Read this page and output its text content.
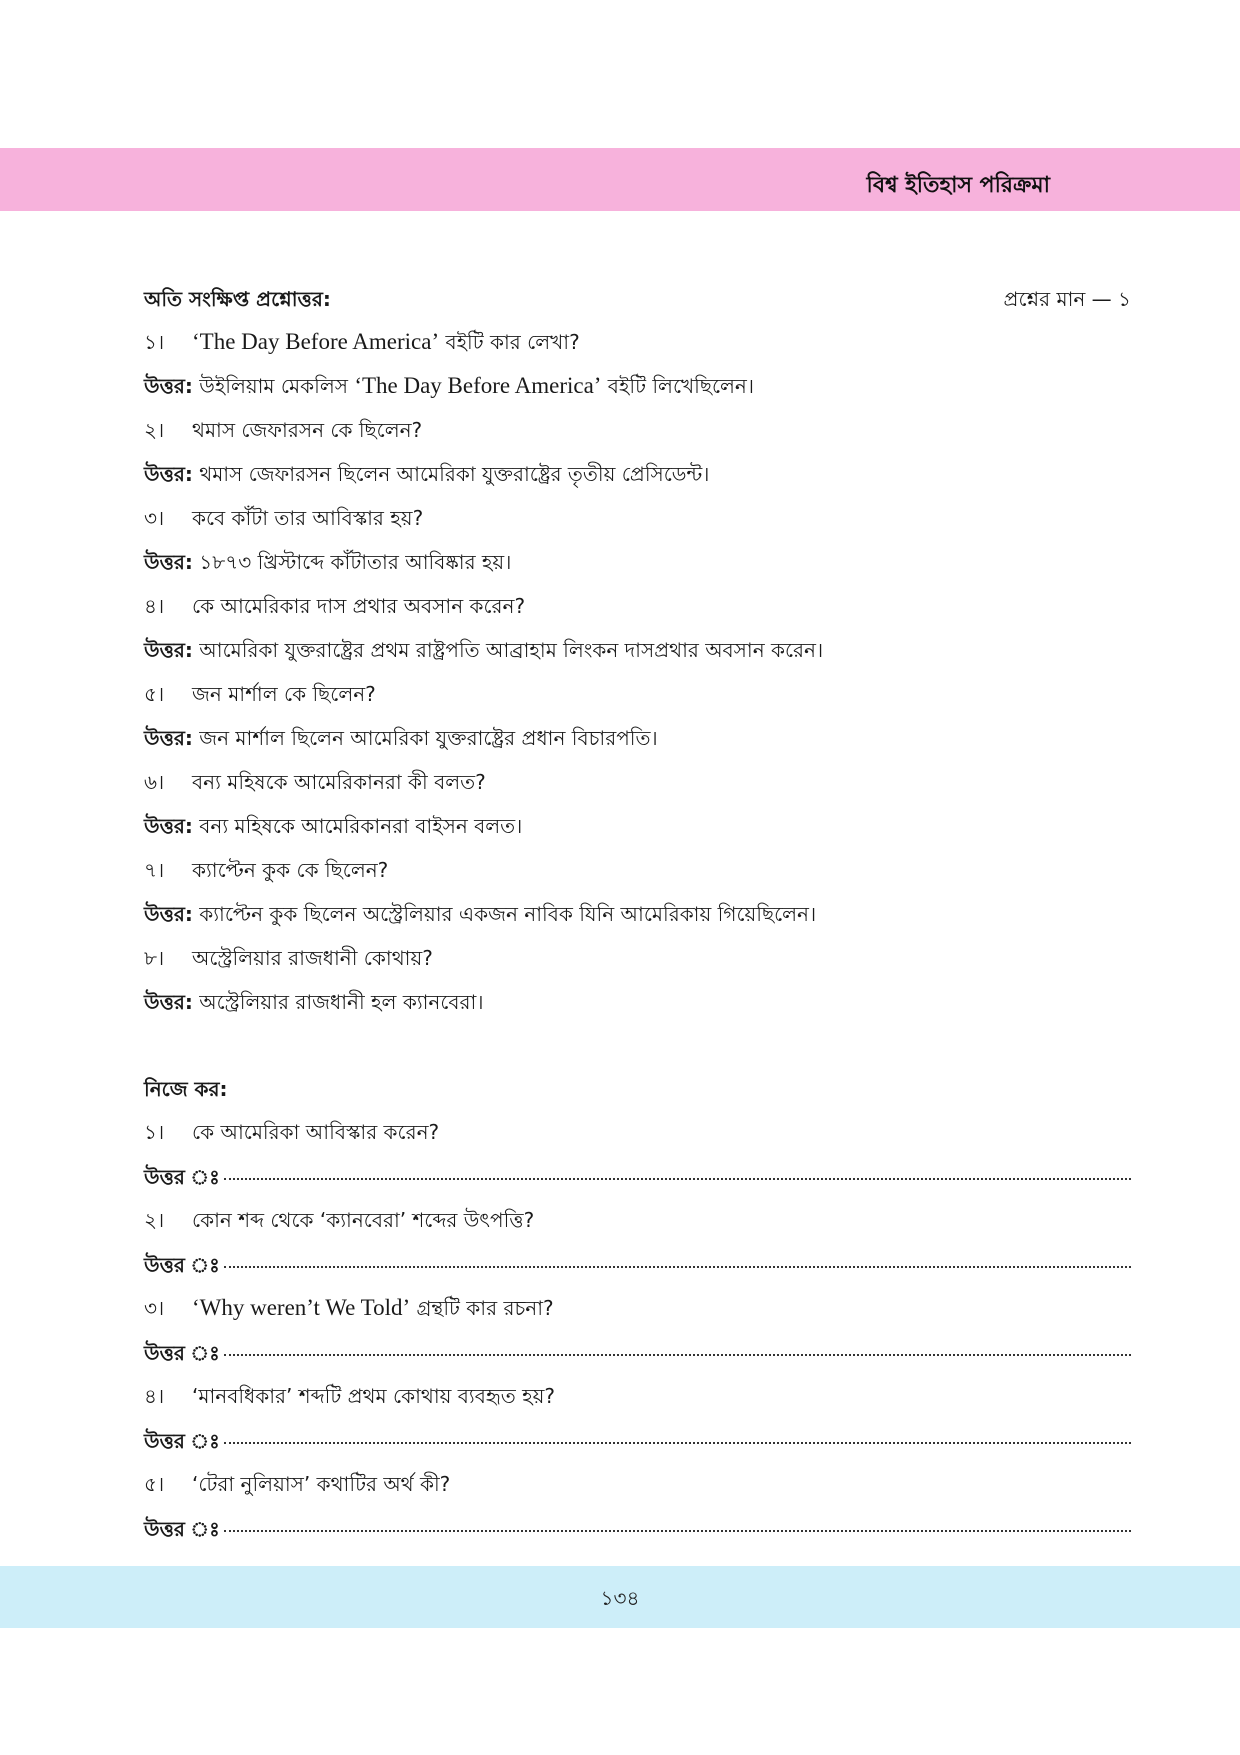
বিশ্ব ইতিহাস পরিক্রমা
অতি সংক্ষিপ্ত প্রশ্নোত্তর:	প্রশ্নের মান — ১
১। ‘The Day Before America’ বইটি কার লেখা?
উত্তর: উইলিয়াম মেকলিস ‘The Day Before America’ বইটি লিখেছিলেন।
২। থমাস জেফারসন কে ছিলেন?
উত্তর: থমাস জেফারসন ছিলেন আমেরিকা যুক্তরাষ্ট্রের তৃতীয় প্রেসিডেন্ট।
৩। কবে কাঁটা তার আবিস্কার হয়?
উত্তর: ১৮৭৩ খ্রিস্টাব্দে কাঁটাতার আবিষ্কার হয়।
৪। কে আমেরিকার দাস প্রথার অবসান করেন?
উত্তর: আমেরিকা যুক্তরাষ্ট্রের প্রথম রাষ্ট্রপতি আব্রাহাম লিংকন দাসপ্রথার অবসান করেন।
৫। জন মার্শাল কে ছিলেন?
উত্তর: জন মার্শাল ছিলেন আমেরিকা যুক্তরাষ্ট্রের প্রধান বিচারপতি।
৬। বন্য মহিষকে আমেরিকানরা কী বলত?
উত্তর: বন্য মহিষকে আমেরিকানরা বাইসন বলত।
৭। ক্যাপ্টেন কুক কে ছিলেন?
উত্তর: ক্যাপ্টেন কুক ছিলেন অস্ট্রেলিয়ার একজন নাবিক যিনি আমেরিকায় গিয়েছিলেন।
৮। অস্ট্রেলিয়ার রাজধানী কোথায়?
উত্তর: অস্ট্রেলিয়ার রাজধানী হল ক্যানবেরা।
নিজে কর:
১। কে আমেরিকা আবিস্কার করেন?
উত্তর ঃ
২। কোন শব্দ থেকে ‘ক্যানবেরা’ শব্দের উৎপত্তি?
উত্তর ঃ
৩। ‘Why weren’t We Told’ গ্রন্থটি কার রচনা?
উত্তর ঃ
৪। ‘মানবধিকার’ শব্দটি প্রথম কোথায় ব্যবহৃত হয়?
উত্তর ঃ
৫। ‘টেরা নুলিয়াস’ কথাটির অর্থ কী?
উত্তর ঃ
১৩৪
